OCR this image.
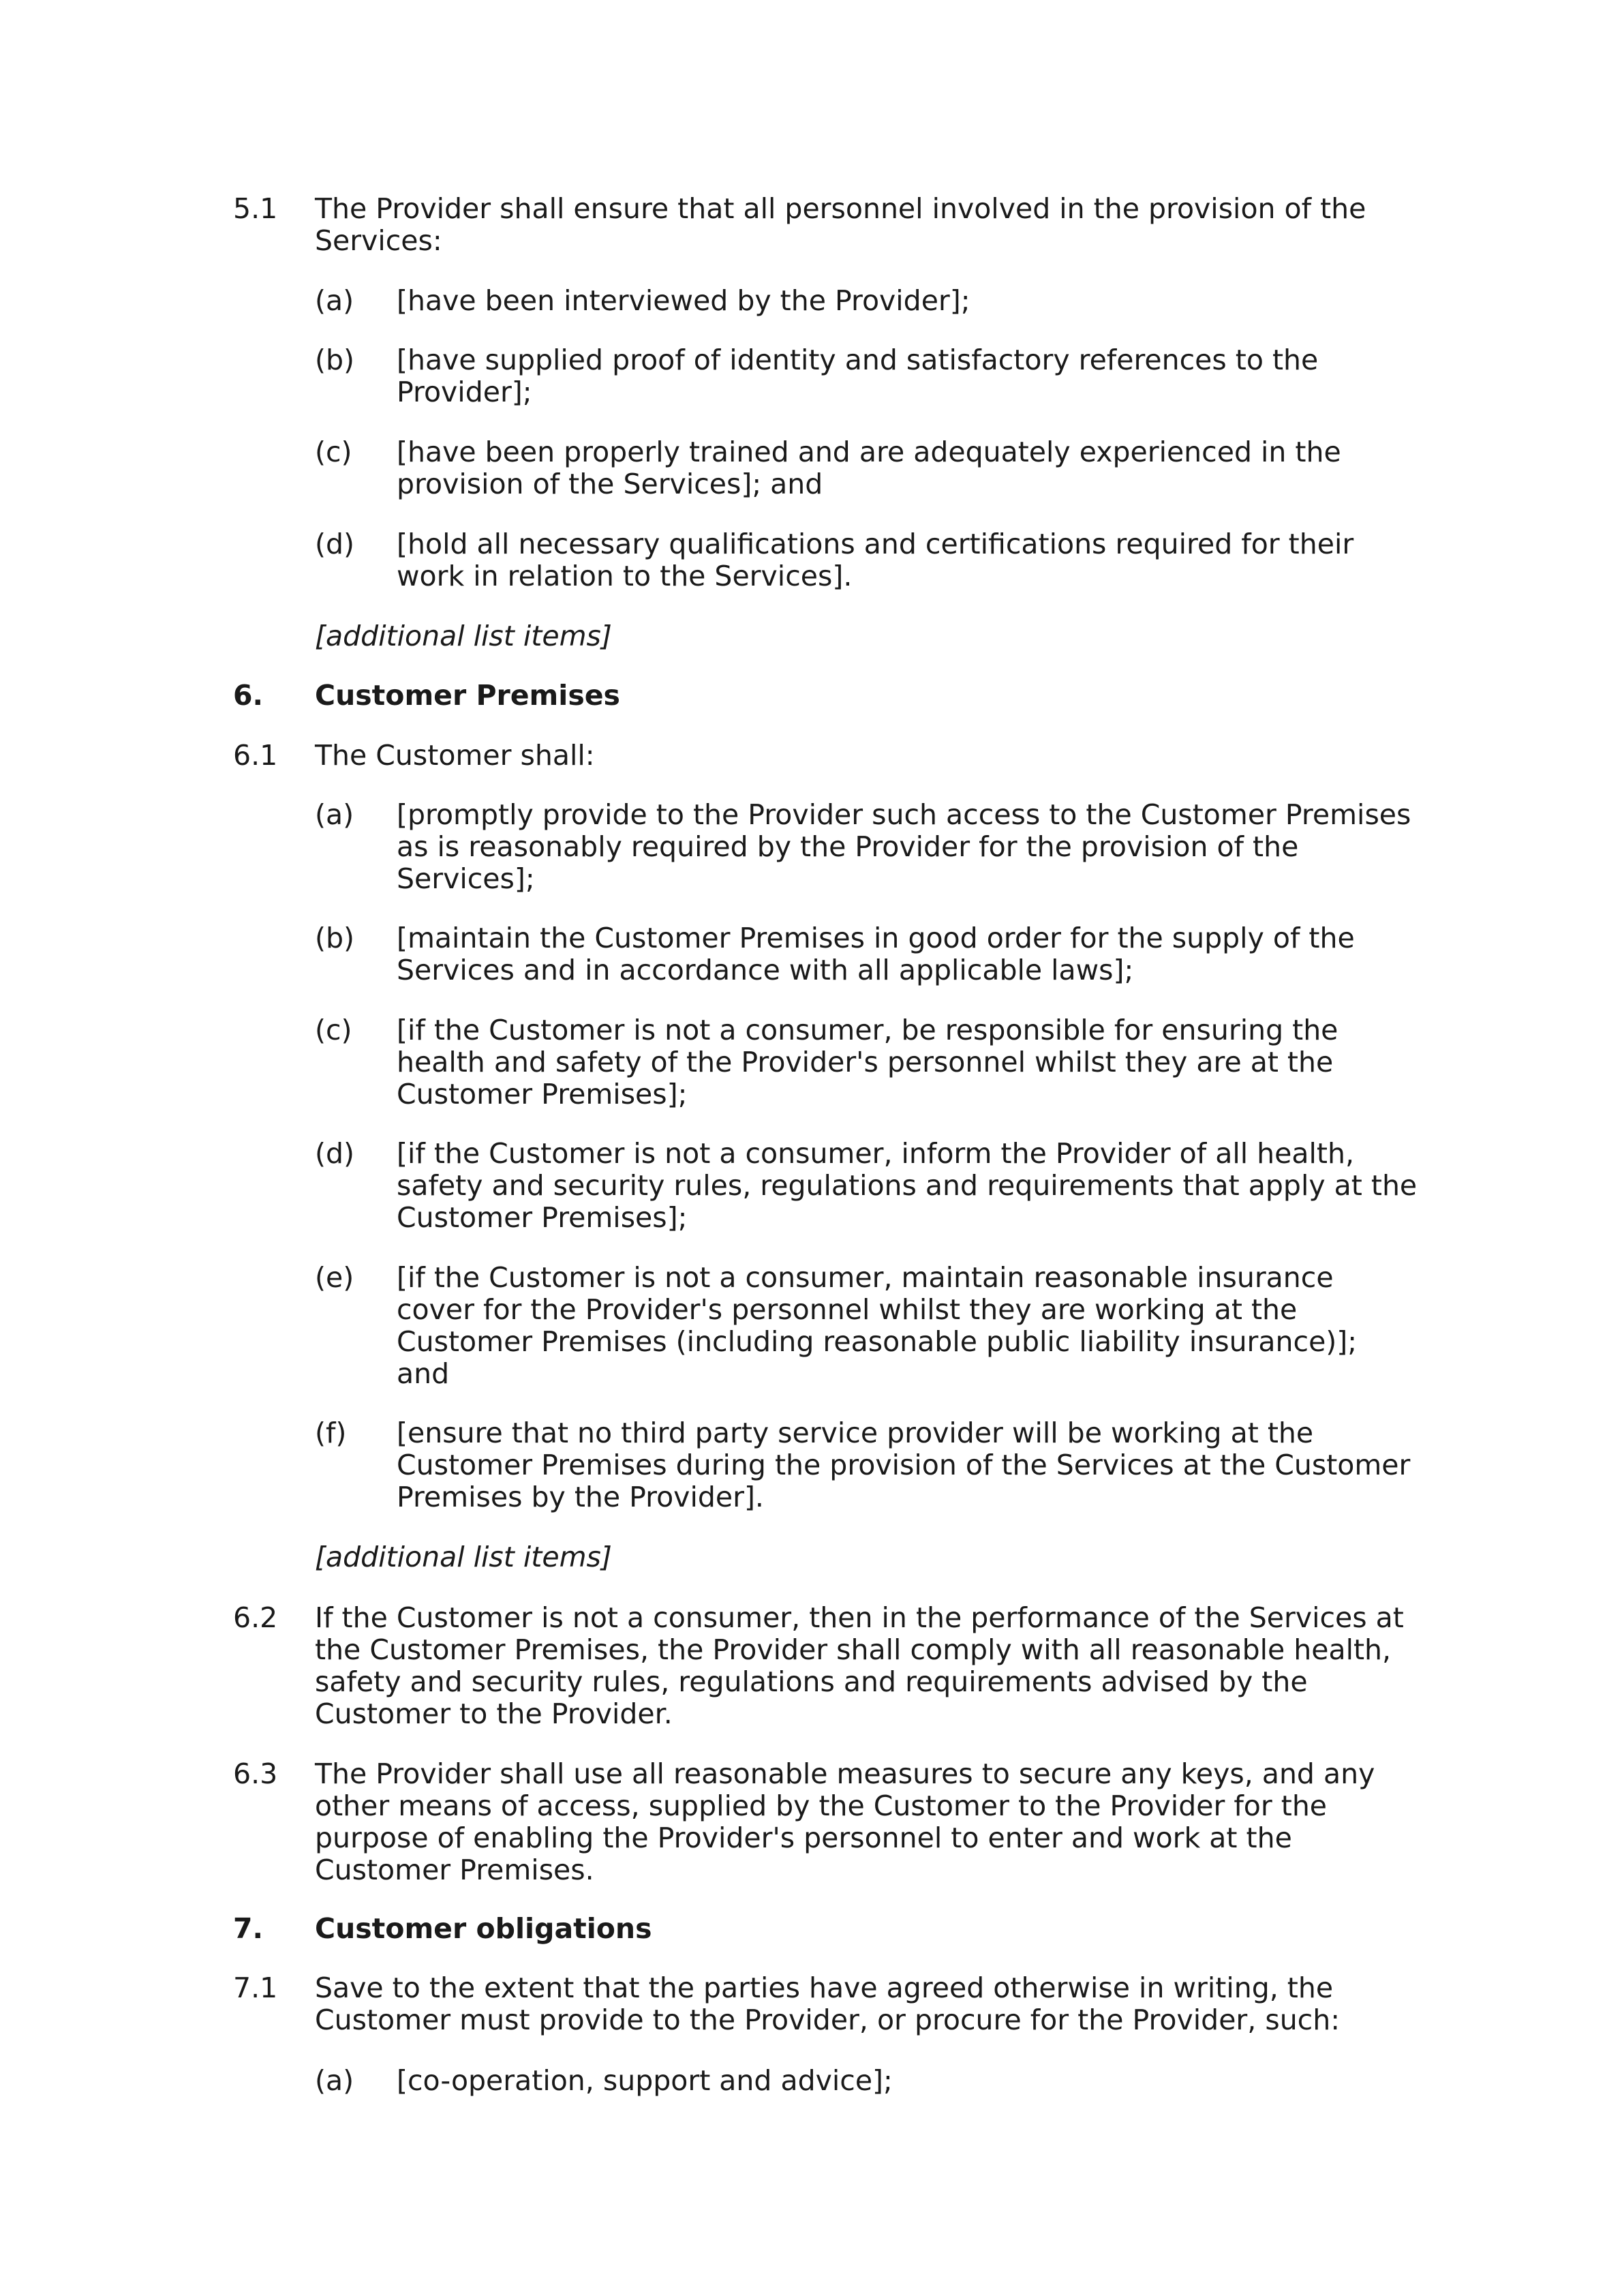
5.1 The Provider shall ensure that all personnel involved in the provision of the
Services:
(a) [have been interviewed by the Provider];
(b) [have supplied proof of identity and satisfactory references to the
Provider];
(c) [have been properly trained and are adequately experienced in the
provision of the Services]; and
(d) [hold all necessary qualifications and certifications required for their
work in relation to the Services].
[additional list items]
6. Customer Premises
6.1 The Customer shall:
(a) [promptly provide to the Provider such access to the Customer Premises
as is reasonably required by the Provider for the provision of the
Services];
(b) [maintain the Customer Premises in good order for the supply of the
Services and in accordance with all applicable laws];
(c) [if the Customer is not a consumer, be responsible for ensuring the
health and safety of the Provider's personnel whilst they are at the
Customer Premises];
(d) [if the Customer is not a consumer, inform the Provider of all health,
safety and security rules, regulations and requirements that apply at the
Customer Premises];
(e) [if the Customer is not a consumer, maintain reasonable insurance
cover for the Provider's personnel whilst they are working at the
Customer Premises (including reasonable public liability insurance)];
and
(f) [ensure that no third party service provider will be working at the
Customer Premises during the provision of the Services at the Customer
Premises by the Provider].
[additional list items]
6.2 If the Customer is not a consumer, then in the performance of the Services at
the Customer Premises, the Provider shall comply with all reasonable health,
safety and security rules, regulations and requirements advised by the
Customer to the Provider.
6.3 The Provider shall use all reasonable measures to secure any keys, and any
other means of access, supplied by the Customer to the Provider for the
purpose of enabling the Provider's personnel to enter and work at the
Customer Premises.
7. Customer obligations
7.1 Save to the extent that the parties have agreed otherwise in writing, the
Customer must provide to the Provider, or procure for the Provider, such:
(a) [co-operation, support and advice];
